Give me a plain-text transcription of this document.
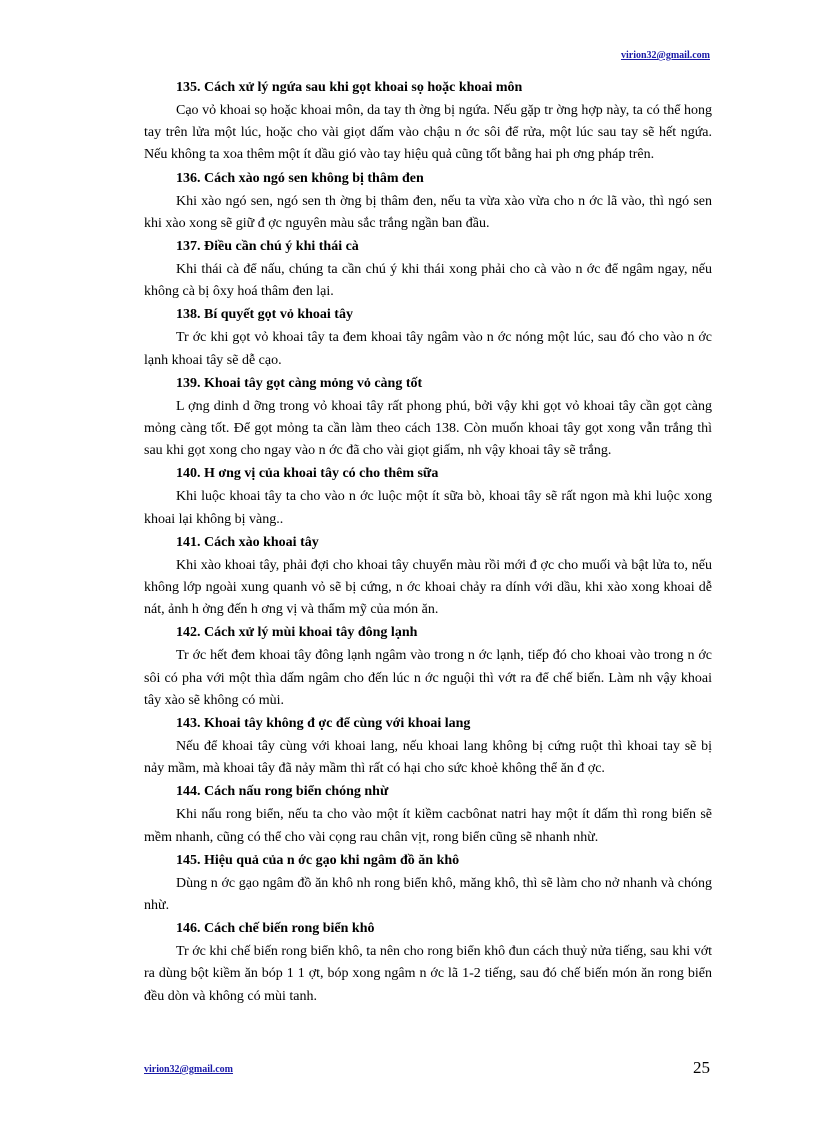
virion32@gmail.com

135. Cách xử lý ngứa sau khi gọt khoai sọ hoặc khoai môn

Cạo vỏ khoai sọ hoặc khoai môn, da tay th ờng bị ngứa. Nếu gặp tr ờng hợp này, ta có thể hong tay trên lửa một lúc, hoặc cho vài giọt dấm vào chậu n ớc sôi để rửa, một lúc sau tay sẽ hết ngứa. Nếu không ta xoa thêm một ít dầu gió vào tay hiệu quả cũng tốt bằng hai ph ơng pháp trên.

136. Cách xào ngó sen không bị thâm đen

Khi xào ngó sen, ngó sen th ờng bị thâm đen, nếu ta vừa xào vừa cho n ớc lã vào, thì ngó sen khi xào xong sẽ giữ đ ợc nguyên màu sắc trắng ngần ban đầu.

137. Điều cần chú ý khi thái cà

Khi thái cà để nấu, chúng ta cần chú ý khi thái xong phải cho cà vào n ớc để ngâm ngay, nếu không cà bị ôxy hoá thâm đen lại.

138. Bí quyết gọt vỏ khoai tây

Tr ớc khi gọt vỏ khoai tây ta đem khoai tây ngâm vào n ớc nóng một lúc, sau đó cho vào n ớc lạnh khoai tây sẽ dễ cạo.

139. Khoai tây gọt càng mỏng vỏ càng tốt

L ợng dinh d ỡng trong vỏ khoai tây rất phong phú, bởi vậy khi gọt vỏ khoai tây cần gọt càng mỏng càng tốt. Để gọt mỏng ta cần làm theo cách 138. Còn muốn khoai tây gọt xong vẫn trắng thì sau khi gọt xong cho ngay vào n ớc đã cho vài giọt giấm, nh vậy khoai tây sẽ trắng.

140. H ơng vị của khoai tây có cho thêm sữa

Khi luộc khoai tây ta cho vào n ớc luộc một ít sữa bò, khoai tây sẽ rất ngon mà khi luộc xong khoai lại không bị vàng..

141. Cách xào khoai tây

Khi xào khoai tây, phải đợi cho khoai tây chuyển màu rồi mới đ ợc cho muối và bật lửa to, nếu không lớp ngoài xung quanh vỏ sẽ bị cứng, n ớc khoai chảy ra dính với dầu, khi xào xong khoai dễ nát, ảnh h ởng đến h ơng vị và thẩm mỹ của món ăn.

142. Cách xử lý mùi khoai tây đông lạnh

Tr ớc hết đem khoai tây đông lạnh ngâm vào trong n ớc lạnh, tiếp đó cho khoai vào trong n ớc sôi có pha với một thìa dấm ngâm cho đến lúc n ớc nguội thì vớt ra để chế biến. Làm nh vậy khoai tây xào sẽ không có mùi.

143. Khoai tây không đ ợc để cùng với khoai lang

Nếu để khoai tây cùng với khoai lang, nếu khoai lang không bị cứng ruột thì khoai tay sẽ bị nảy mầm, mà khoai tây đã nảy mầm thì rất có hại cho sức khoẻ không thể ăn đ ợc.

144. Cách nấu rong biển chóng nhừ

Khi nấu rong biển, nếu ta cho vào một ít kiềm cacbônat natri hay một ít dấm thì rong biển sẽ mềm nhanh, cũng có thể cho vài cọng rau chân vịt, rong biển cũng sẽ nhanh nhừ.

145. Hiệu quả của n ớc gạo khi ngâm đồ ăn khô

Dùng n ớc gạo ngâm đồ ăn khô nh rong biển khô, măng khô, thì sẽ làm cho nở nhanh và chóng nhừ.

146. Cách chế biến rong biển khô

Tr ớc khi chế biến rong biển khô, ta nên cho rong biển khô đun cách thuỷ nửa tiếng, sau khi vớt ra dùng bột kiềm ăn bóp 1 1 ợt, bóp xong ngâm n ớc lã 1-2 tiếng, sau đó chế biến món ăn rong biển đều dòn và không có mùi tanh.

virion32@gmail.com	25
